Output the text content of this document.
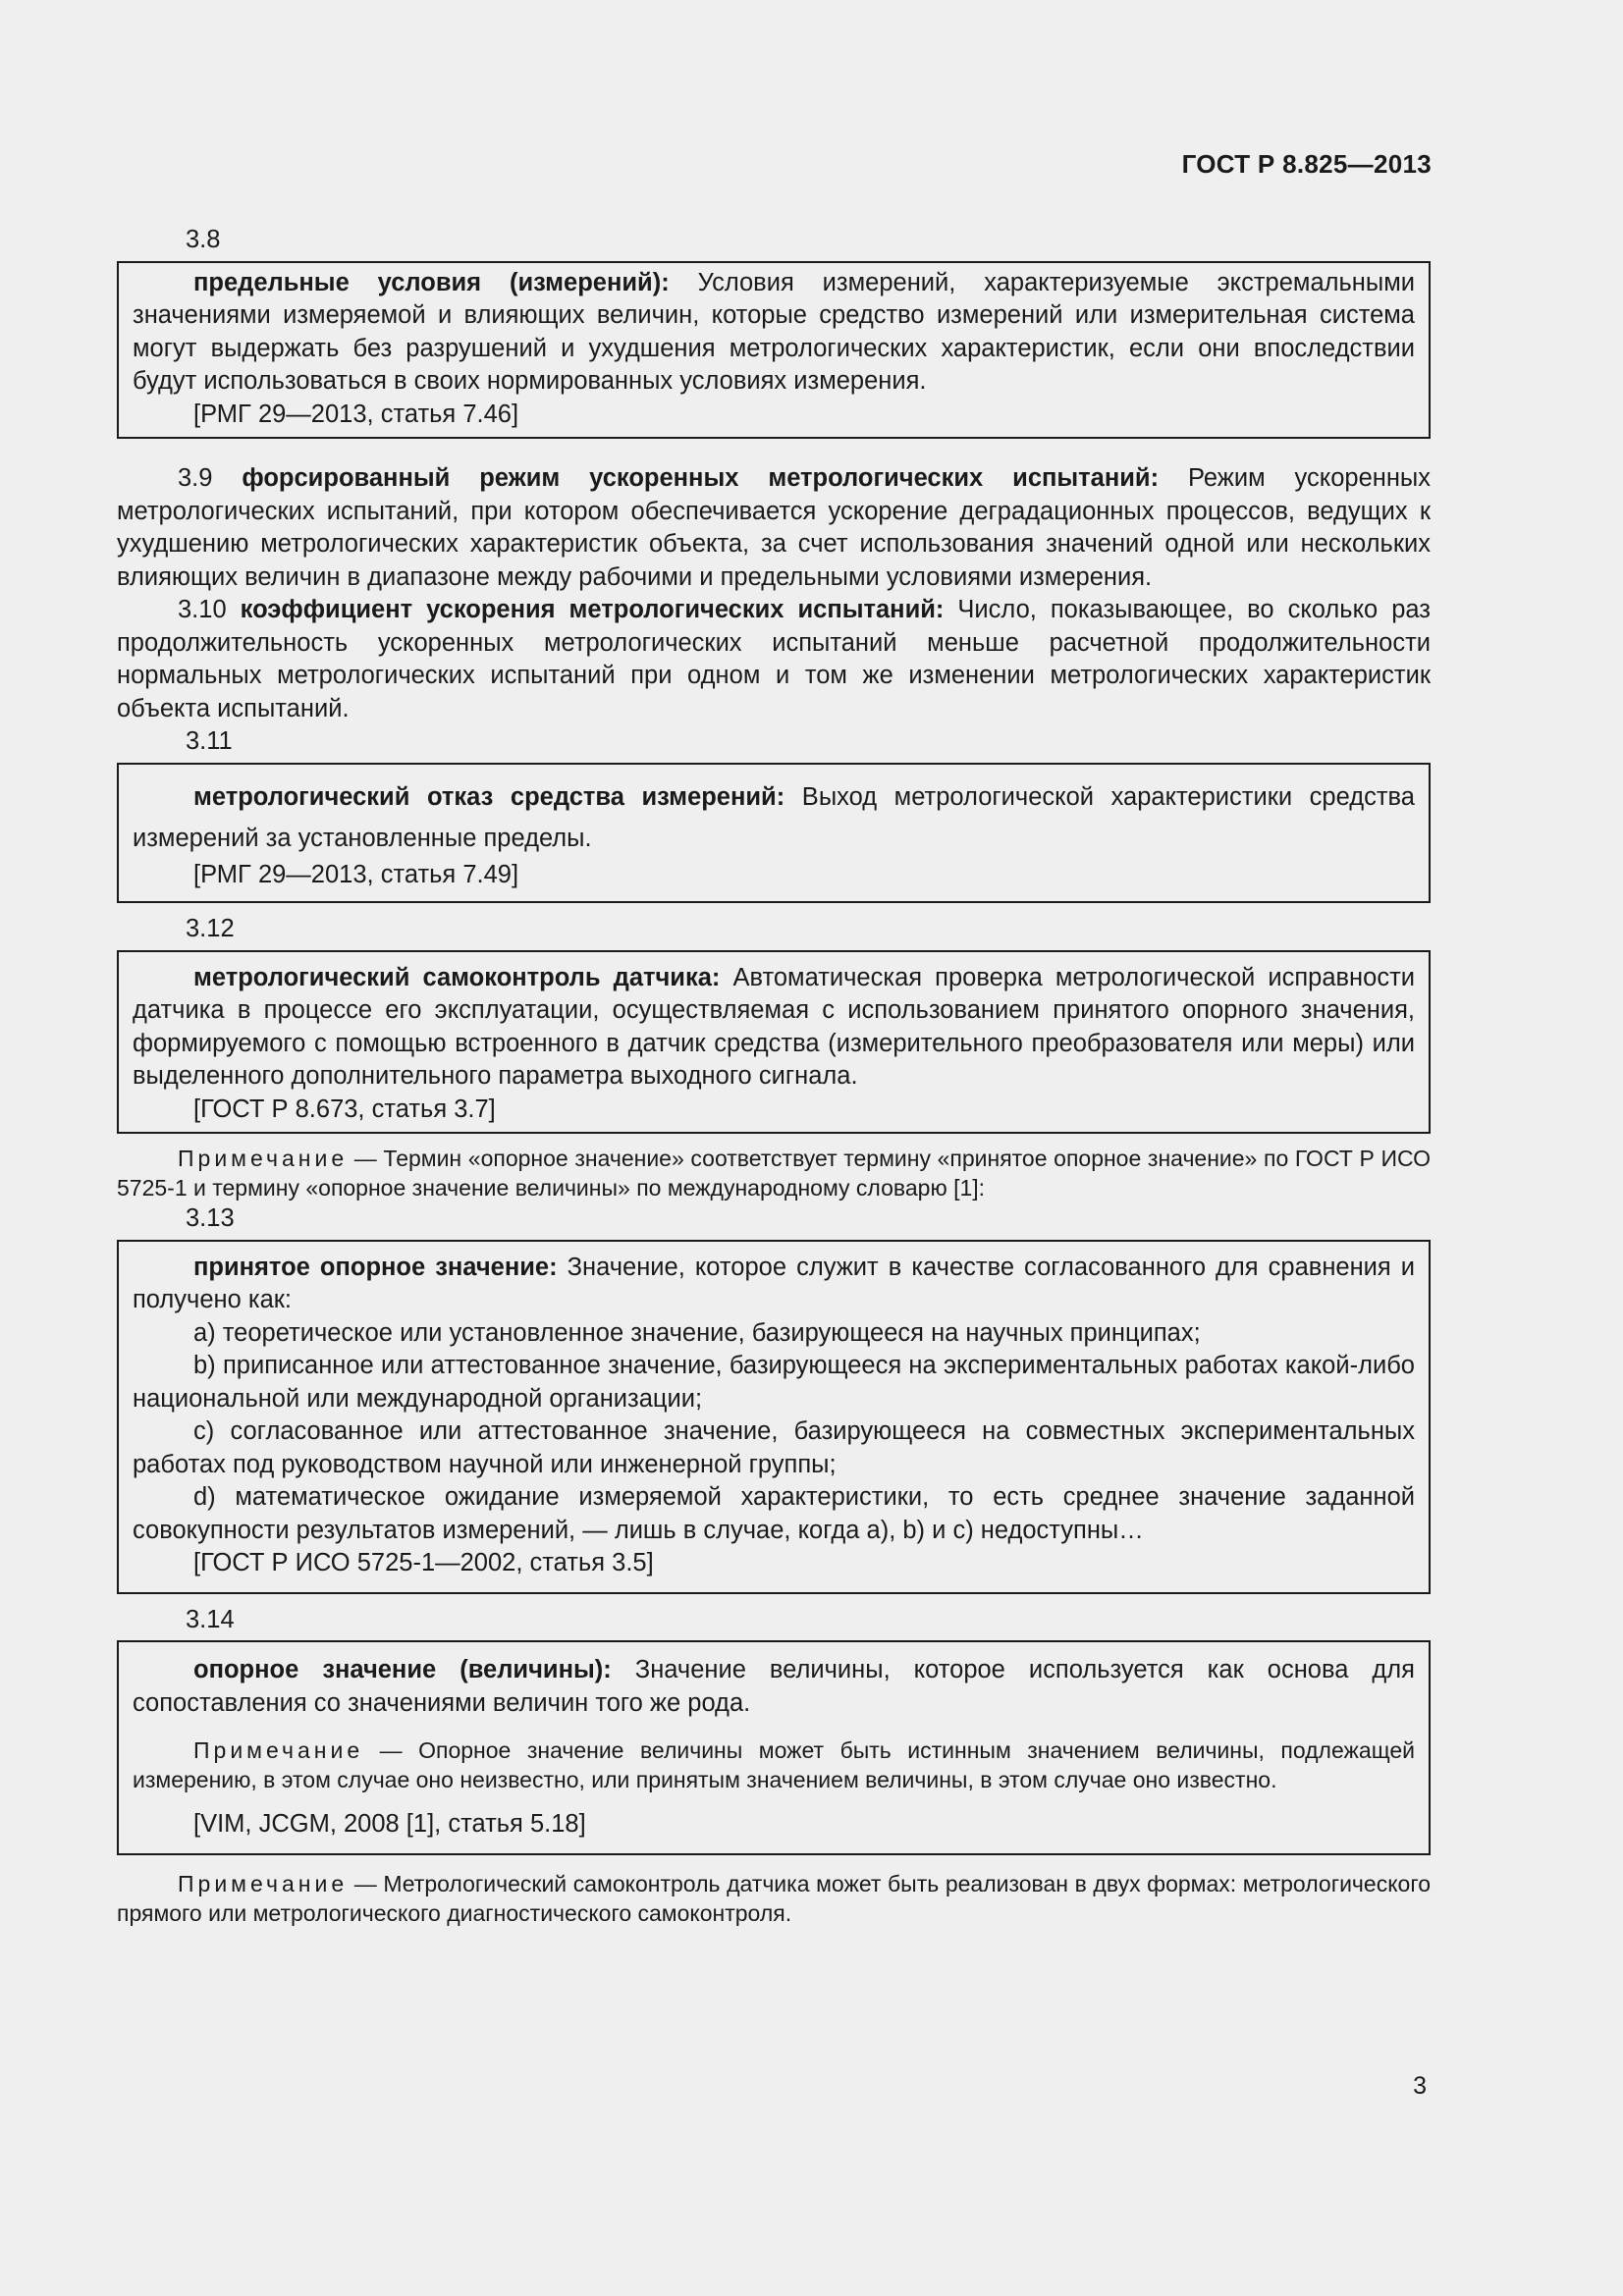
ГОСТ Р 8.825—2013
3.8

предельные условия (измерений): Условия измерений, характеризуемые экстремальными значениями измеряемой и влияющих величин, которые средство измерений или измерительная система могут выдержать без разрушений и ухудшения метрологических характеристик, если они впоследствии будут использоваться в своих нормированных условиях измерения.

[РМГ 29—2013, статья 7.46]

3.9 форсированный режим ускоренных метрологических испытаний: Режим ускоренных метрологических испытаний, при котором обеспечивается ускорение деградационных процессов, ведущих к ухудшению метрологических характеристик объекта, за счет использования значений одной или нескольких влияющих величин в диапазоне между рабочими и предельными условиями измерения.

3.10 коэффициент ускорения метрологических испытаний: Число, показывающее, во сколько раз продолжительность ускоренных метрологических испытаний меньше расчетной продолжительности нормальных метрологических испытаний при одном и том же изменении метрологических характеристик объекта испытаний.

3.11

метрологический отказ средства измерений: Выход метрологической характеристики средства измерений за установленные пределы.

[РМГ 29—2013, статья 7.49]

3.12

метрологический самоконтроль датчика: Автоматическая проверка метрологической исправности датчика в процессе его эксплуатации, осуществляемая с использованием принятого опорного значения, формируемого с помощью встроенного в датчик средства (измерительного преобразователя или меры) или выделенного дополнительного параметра выходного сигнала.

[ГОСТ Р 8.673, статья 3.7]

Примечание — Термин «опорное значение» соответствует термину «принятое опорное значение» по ГОСТ Р ИСО 5725-1 и термину «опорное значение величины» по международному словарю [1]:

3.13

принятое опорное значение: Значение, которое служит в качестве согласованного для сравнения и получено как:

a) теоретическое или установленное значение, базирующееся на научных принципах;

b) приписанное или аттестованное значение, базирующееся на экспериментальных работах какой-либо национальной или международной организации;

c) согласованное или аттестованное значение, базирующееся на совместных экспериментальных работах под руководством научной или инженерной группы;

d) математическое ожидание измеряемой характеристики, то есть среднее значение заданной совокупности результатов измерений, — лишь в случае, когда a), b) и c) недоступны…

[ГОСТ Р ИСО 5725-1—2002, статья 3.5]

3.14

опорное значение (величины): Значение величины, которое используется как основа для сопоставления со значениями величин того же рода.

Примечание — Опорное значение величины может быть истинным значением величины, подлежащей измерению, в этом случае оно неизвестно, или принятым значением величины, в этом случае оно известно.

[VIM, JCGM, 2008 [1], статья 5.18]

Примечание — Метрологический самоконтроль датчика может быть реализован в двух формах: метрологического прямого или метрологического диагностического самоконтроля.

3
